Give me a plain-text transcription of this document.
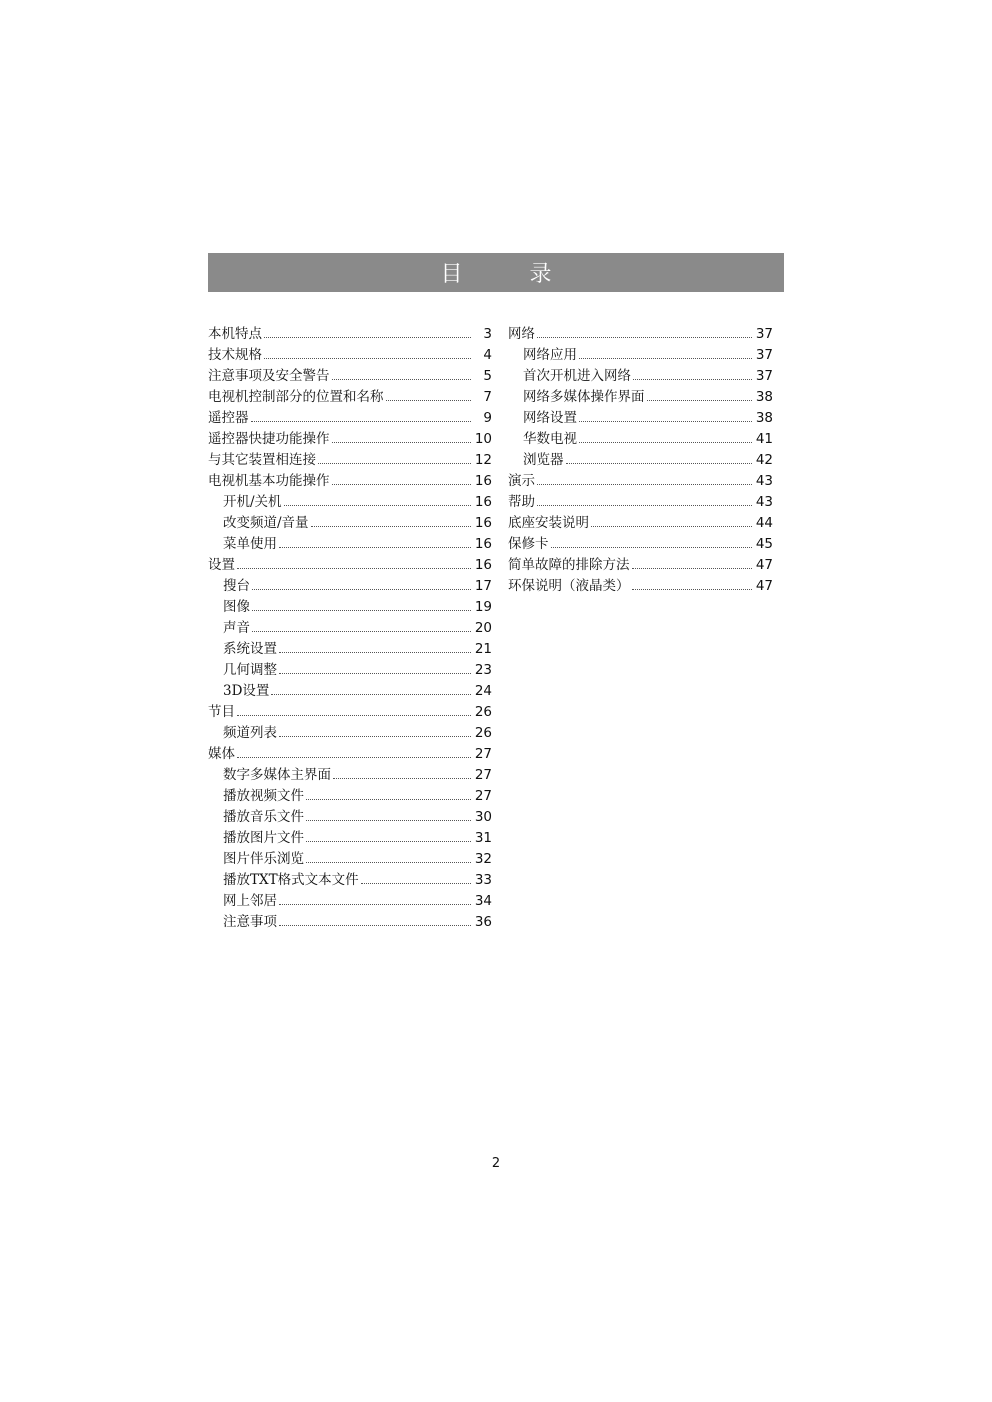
目 录
本机特点	3
技术规格	4
注意事项及安全警告	5
电视机控制部分的位置和名称	7
遥控器	9
遥控器快捷功能操作	10
与其它装置相连接	12
电视机基本功能操作	16
开机/关机	16
改变频道/音量	16
菜单使用	16
设置	16
搜台	17
图像	19
声音	20
系统设置	21
几何调整	23
3D设置	24
节目	26
频道列表	26
媒体	27
数字多媒体主界面	27
播放视频文件	27
播放音乐文件	30
播放图片文件	31
图片伴乐浏览	32
播放TXT格式文本文件	33
网上邻居	34
注意事项	36
网络	37
网络应用	37
首次开机进入网络	37
网络多媒体操作界面	38
网络设置	38
华数电视	41
浏览器	42
演示	43
帮助	43
底座安装说明	44
保修卡	45
简单故障的排除方法	47
环保说明（液晶类）	47
2
